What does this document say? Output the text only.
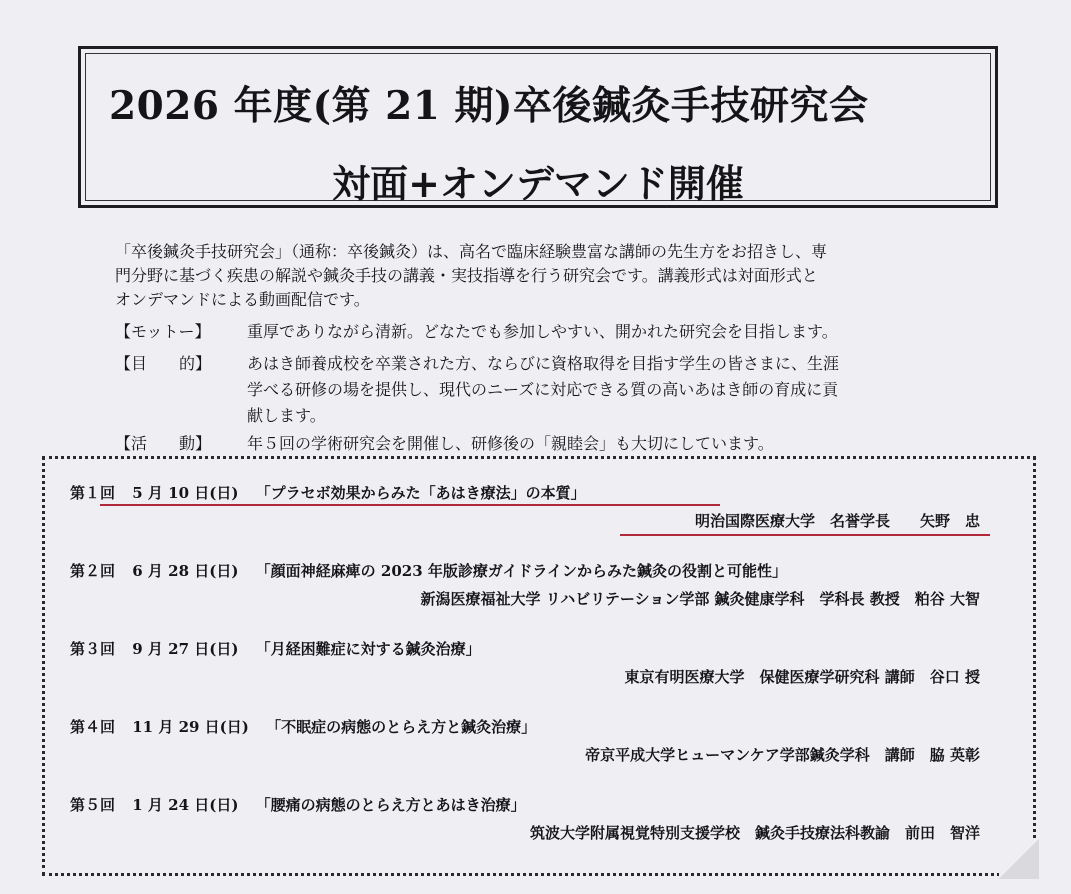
2026 年度(第 21 期)卒後鍼灸手技研究会
対面+オンデマンド開催

「卒後鍼灸手技研究会」（通称：卒後鍼灸）は、高名で臨床経験豊富な講師の先生方をお招きし、専

門分野に基づく疾患の解説や鍼灸手技の講義・実技指導を行う研究会です。講義形式は対面形式と

オンデマンドによる動画配信です。

【モットー】	重厚でありながら清新。どなたでも参加しやすい、開かれた研究会を目指します。
【目　　的】	あはき師養成校を卒業された方、ならびに資格取得を目指す学生の皆さまに、生涯
学べる研修の場を提供し、現代のニーズに対応できる質の高いあはき師の育成に貢
献します。
【活　　動】	年５回の学術研究会を開催し、研修後の「親睦会」も大切にしています。
第１回 5 月 10 日(日) 「プラセボ効果からみた「あはき療法」の本質」
明治国際医療大学　名誉学長　　矢野　忠
第２回 6 月 28 日(日) 「顔面神経麻痺の 2023 年版診療ガイドラインからみた鍼灸の役割と可能性」
新潟医療福祉大学 リハビリテーション学部 鍼灸健康学科　学科長 教授　粕谷 大智
第３回 9 月 27 日(日) 「月経困難症に対する鍼灸治療」
東京有明医療大学　保健医療学研究科 講師　谷口 授
第４回 11 月 29 日(日) 「不眠症の病態のとらえ方と鍼灸治療」
帝京平成大学ヒューマンケア学部鍼灸学科　講師　脇 英彰
第５回 1 月 24 日(日) 「腰痛の病態のとらえ方とあはき治療」
筑波大学附属視覚特別支援学校　鍼灸手技療法科教諭　前田　智洋
